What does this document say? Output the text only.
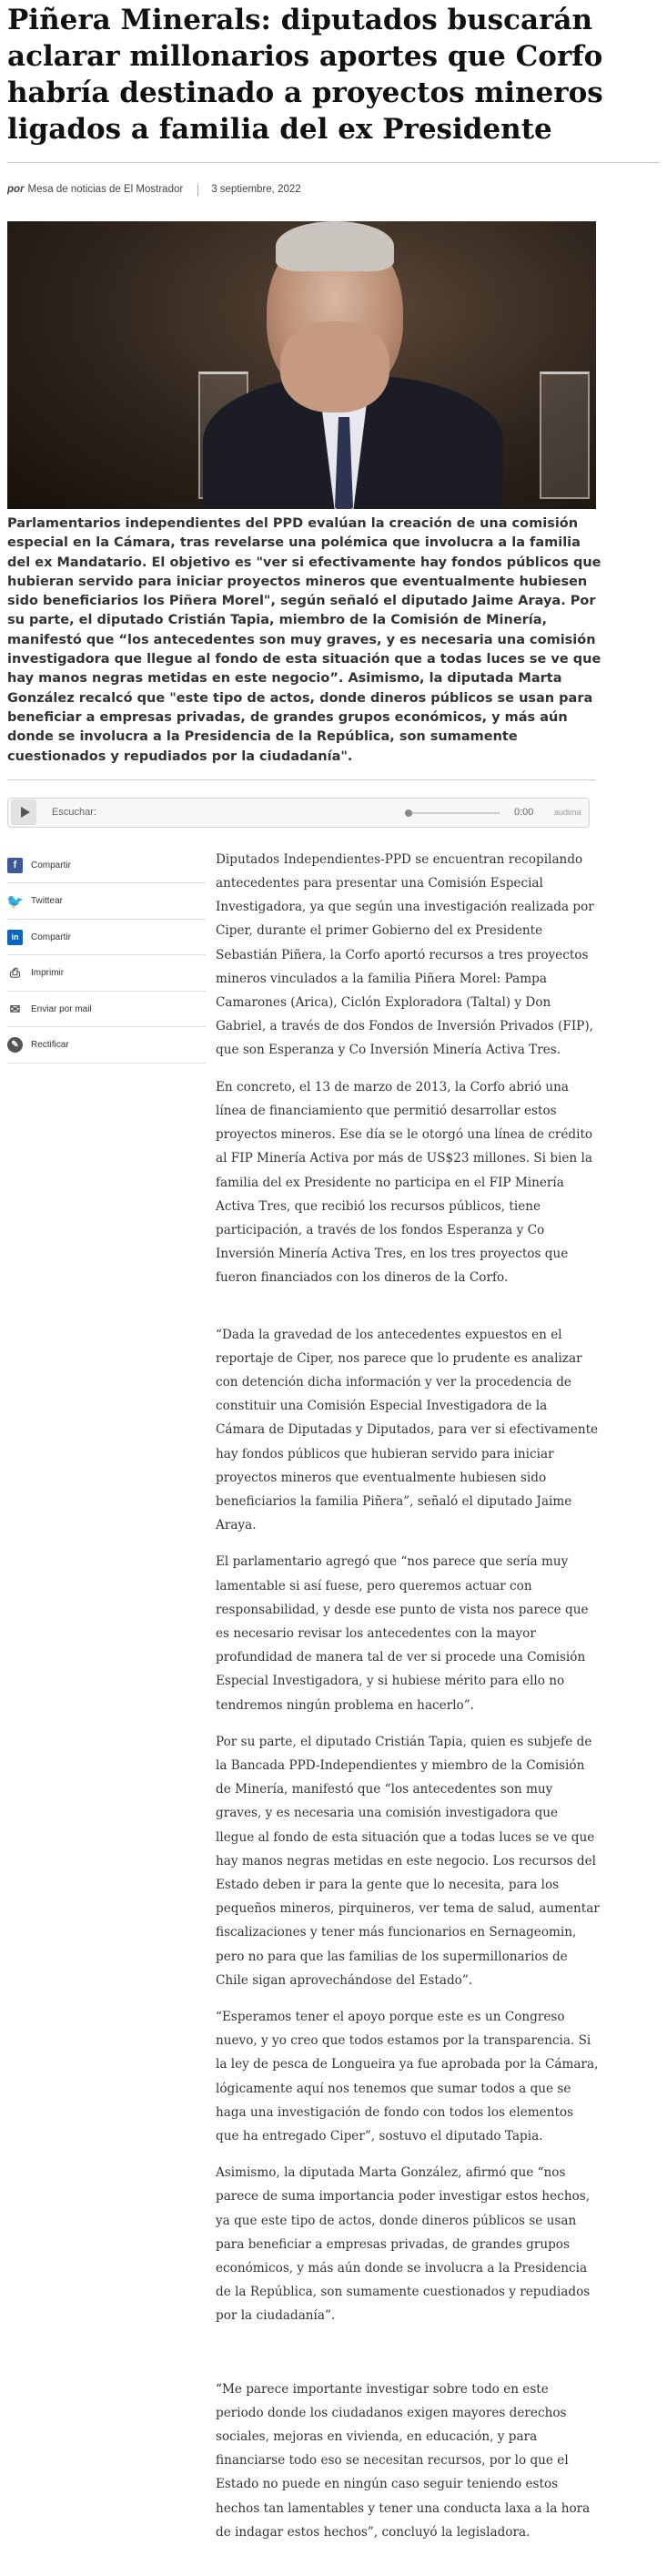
Piñera Minerals: diputados buscarán aclarar millonarios aportes que Corfo habría destinado a proyectos mineros ligados a familia del ex Presidente
por Mesa de noticias de El Mostrador	3 septiembre, 2022

Parlamentarios independientes del PPD evalúan la creación de una comisión especial en la Cámara, tras revelarse una polémica que involucra a la familia del ex Mandatario. El objetivo es "ver si efectivamente hay fondos públicos que hubieran servido para iniciar proyectos mineros que eventualmente hubiesen sido beneficiarios los Piñera Morel", según señaló el diputado Jaime Araya. Por su parte, el diputado Cristián Tapia, miembro de la Comisión de Minería, manifestó que “los antecedentes son muy graves, y es necesaria una comisión investigadora que llegue al fondo de esta situación que a todas luces se ve que hay manos negras metidas en este negocio”. Asimismo, la diputada Marta González recalcó que "este tipo de actos, donde dineros públicos se usan para beneficiar a empresas privadas, de grandes grupos económicos, y más aún donde se involucra a la Presidencia de la República, son sumamente cuestionados y repudiados por la ciudadanía".

Escuchar:	0:00	audima
f	Compartir
🐦 Twittear
in	Compartir
⎙ Imprimir
✉ Enviar por mail
✎	Rectificar

Diputados Independientes-PPD se encuentran recopilando antecedentes para presentar una Comisión Especial Investigadora, ya que según una investigación realizada por Ciper, durante el primer Gobierno del ex Presidente Sebastián Piñera, la Corfo aportó recursos a tres proyectos mineros vinculados a la familia Piñera Morel: Pampa Camarones (Arica), Ciclón Exploradora (Taltal) y Don Gabriel, a través de dos Fondos de Inversión Privados (FIP), que son Esperanza y Co Inversión Minería Activa Tres.

En concreto, el 13 de marzo de 2013, la Corfo abrió una línea de financiamiento que permitió desarrollar estos proyectos mineros. Ese día se le otorgó una línea de crédito al FIP Minería Activa por más de US$23 millones. Si bien la familia del ex Presidente no participa en el FIP Minería Activa Tres, que recibió los recursos públicos, tiene participación, a través de los fondos Esperanza y Co Inversión Minería Activa Tres, en los tres proyectos que fueron financiados con los dineros de la Corfo.

“Dada la gravedad de los antecedentes expuestos en el reportaje de Ciper, nos parece que lo prudente es analizar con detención dicha información y ver la procedencia de constituir una Comisión Especial Investigadora de la Cámara de Diputadas y Diputados, para ver si efectivamente hay fondos públicos que hubieran servido para iniciar proyectos mineros que eventualmente hubiesen sido beneficiarios la familia Piñera”, señaló el diputado Jaime Araya.

El parlamentario agregó que “nos parece que sería muy lamentable si así fuese, pero queremos actuar con responsabilidad, y desde ese punto de vista nos parece que es necesario revisar los antecedentes con la mayor profundidad de manera tal de ver si procede una Comisión Especial Investigadora, y si hubiese mérito para ello no tendremos ningún problema en hacerlo”.

Por su parte, el diputado Cristián Tapia, quien es subjefe de la Bancada PPD-Independientes y miembro de la Comisión de Minería, manifestó que “los antecedentes son muy graves, y es necesaria una comisión investigadora que llegue al fondo de esta situación que a todas luces se ve que hay manos negras metidas en este negocio. Los recursos del Estado deben ir para la gente que lo necesita, para los pequeños mineros, pirquineros, ver tema de salud, aumentar fiscalizaciones y tener más funcionarios en Sernageomin, pero no para que las familias de los supermillonarios de Chile sigan aprovechándose del Estado”.

“Esperamos tener el apoyo porque este es un Congreso nuevo, y yo creo que todos estamos por la transparencia. Si la ley de pesca de Longueira ya fue aprobada por la Cámara, lógicamente aquí nos tenemos que sumar todos a que se haga una investigación de fondo con todos los elementos que ha entregado Ciper”, sostuvo el diputado Tapia.

Asimismo, la diputada Marta González, afirmó que “nos parece de suma importancia poder investigar estos hechos, ya que este tipo de actos, donde dineros públicos se usan para beneficiar a empresas privadas, de grandes grupos económicos, y más aún donde se involucra a la Presidencia de la República, son sumamente cuestionados y repudiados por la ciudadanía”.

“Me parece importante investigar sobre todo en este periodo donde los ciudadanos exigen mayores derechos sociales, mejoras en vivienda, en educación, y para financiarse todo eso se necesitan recursos, por lo que el Estado no puede en ningún caso seguir teniendo estos hechos tan lamentables y tener una conducta laxa a la hora de indagar estos hechos”, concluyó la legisladora.
